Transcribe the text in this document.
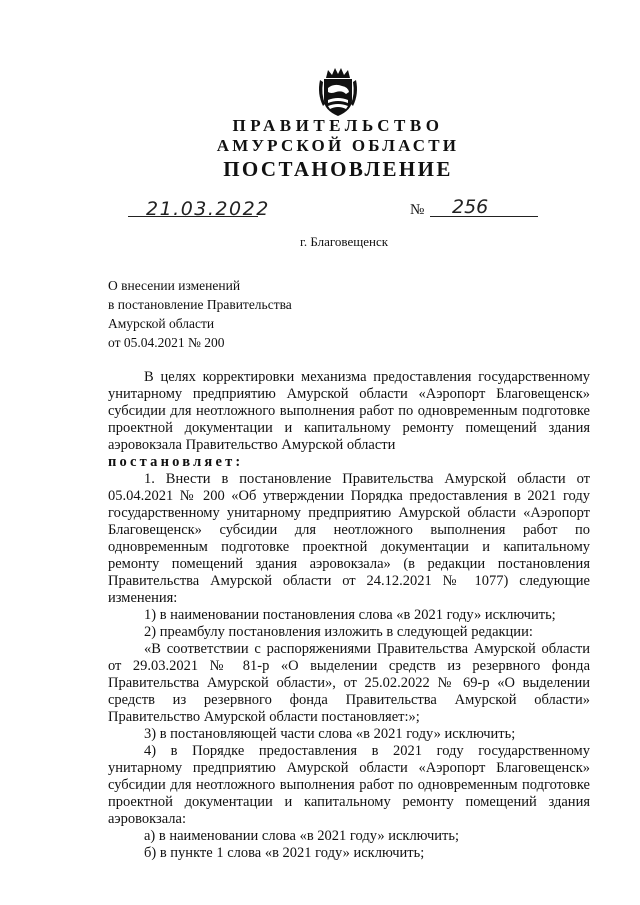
ПРАВИТЕЛЬСТВО
АМУРСКОЙ ОБЛАСТИ
ПОСТАНОВЛЕНИЕ
21.03.2022	№ 256
г. Благовещенск
О внесении изменений
в постановление Правительства
Амурской области
от 05.04.2021 № 200

В целях корректировки механизма предоставления государственному унитарному предприятию Амурской области «Аэропорт Благовещенск» субсидии для неотложного выполнения работ по одновременным подготовке проектной документации и капитальному ремонту помещений здания аэровокзала Правительство Амурской области

постановляет:

1. Внести в постановление Правительства Амурской области от 05.04.2021 № 200 «Об утверждении Порядка предоставления в 2021 году государственному унитарному предприятию Амурской области «Аэропорт Благовещенск» субсидии для неотложного выполнения работ по одновременным подготовке проектной документации и капитальному ремонту помещений здания аэровокзала» (в редакции постановления Правительства Амурской области от 24.12.2021 № 1077) следующие изменения:

1) в наименовании постановления слова «в 2021 году» исключить;

2) преамбулу постановления изложить в следующей редакции:

«В соответствии с распоряжениями Правительства Амурской области от 29.03.2021 № 81-р «О выделении средств из резервного фонда Правительства Амурской области», от 25.02.2022 № 69-р «О выделении средств из резервного фонда Правительства Амурской области» Правительство Амурской области постановляет:»;

3) в постановляющей части слова «в 2021 году» исключить;

4) в Порядке предоставления в 2021 году государственному унитарному предприятию Амурской области «Аэропорт Благовещенск» субсидии для неотложного выполнения работ по одновременным подготовке проектной документации и капитальному ремонту помещений здания аэровокзала:

а) в наименовании слова «в 2021 году» исключить;

б) в пункте 1 слова «в 2021 году» исключить;
